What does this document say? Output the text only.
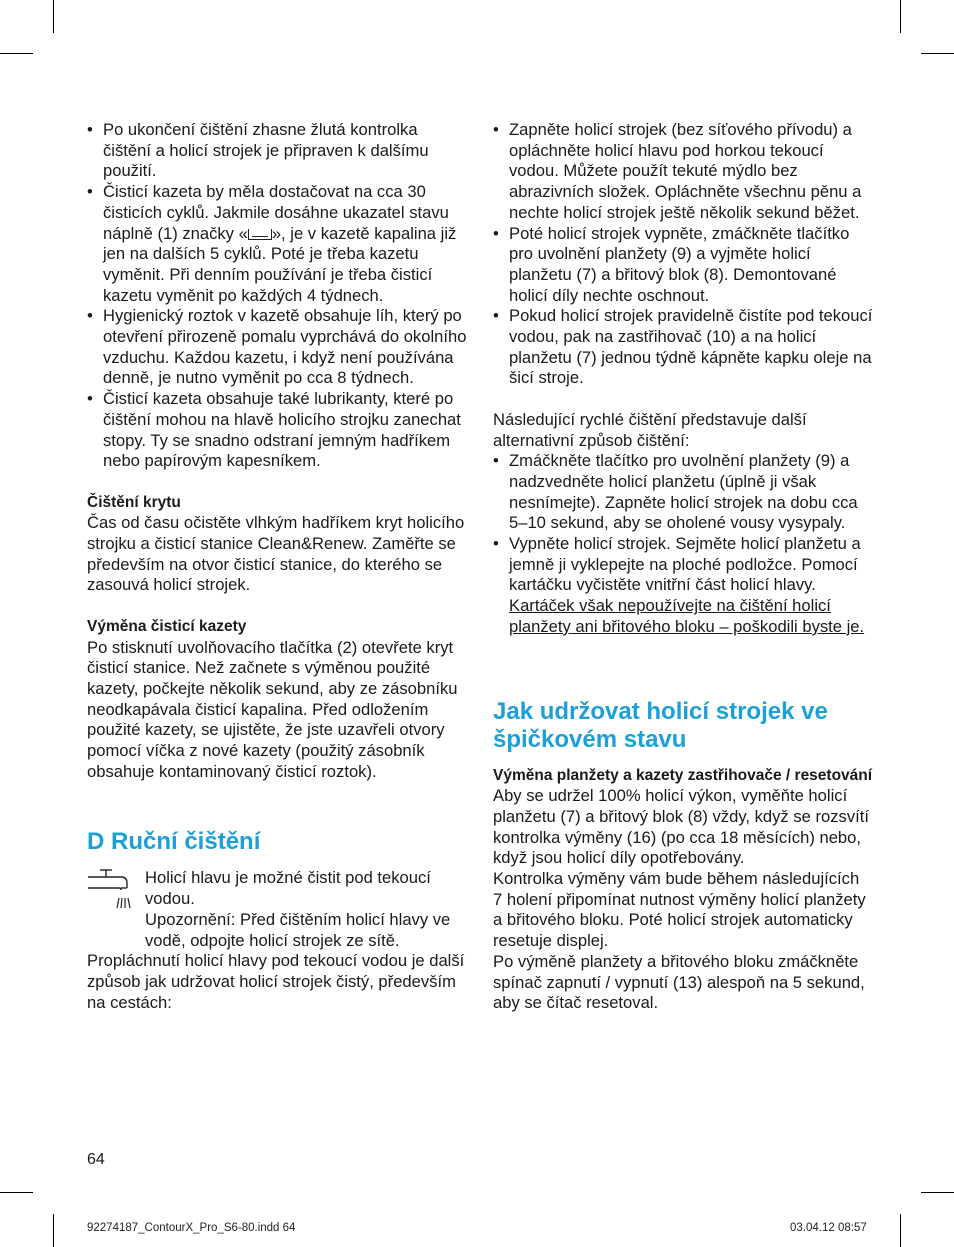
• Po ukončení čištění zhasne žlutá kontrolka čištění a holicí strojek je připraven k dalšímu použití.
• Čisticí kazeta by měla dostačovat na cca 30 čisticích cyklů. Jakmile dosáhne ukazatel stavu náplně (1) značky « », je v kazetě kapalina již jen na dalších 5 cyklů. Poté je třeba kazetu vyměnit. Při denním používání je třeba čisticí kazetu vyměnit po každých 4 týdnech.
• Hygienický roztok v kazetě obsahuje líh, který po otevření přirozeně pomalu vyprchává do okolního vzduchu. Každou kazetu, i když není používána denně, je nutno vyměnit po cca 8 týdnech.
• Čisticí kazeta obsahuje také lubrikanty, které po čištění mohou na hlavě holicího strojku zanechat stopy. Ty se snadno odstraní jemným hadříkem nebo papírovým kapesníkem.
Čištění krytu

Čas od času očistěte vlhkým hadříkem kryt holicího strojku a čisticí stanice Clean&Renew. Zaměřte se především na otvor čisticí stanice, do kterého se zasouvá holicí strojek.

Výměna čisticí kazety

Po stisknutí uvolňovacího tlačítka (2) otevřete kryt čisticí stanice. Než začnete s výměnou použité kazety, počkejte několik sekund, aby ze zásobníku neodkapávala čisticí kapalina. Před odložením použité kazety, se ujistěte, že jste uzavřeli otvory pomocí víčka z nové kazety (použitý zásobník obsahuje kontaminovaný čisticí roztok).

D Ruční čištění

Holicí hlavu je možné čistit pod tekoucí vodou.

Upozornění: Před čištěním holicí hlavy ve vodě, odpojte holicí strojek ze sítě.

Propláchnutí holicí hlavy pod tekoucí vodou je další způsob jak udržovat holicí strojek čistý, především na cestách:

• Zapněte holicí strojek (bez síťového přívodu) a opláchněte holicí hlavu pod horkou tekoucí vodou. Můžete použít tekuté mýdlo bez abrazivních složek. Opláchněte všechnu pěnu a nechte holicí strojek ještě několik sekund běžet.
• Poté holicí strojek vypněte, zmáčkněte tlačítko pro uvolnění planžety (9) a vyjměte holicí planžetu (7) a břitový blok (8). Demontované holicí díly nechte oschnout.
• Pokud holicí strojek pravidelně čistíte pod tekoucí vodou, pak na zastřihovač (10) a na holicí planžetu (7) jednou týdně kápněte kapku oleje na šicí stroje.

Následující rychlé čištění představuje další alternativní způsob čištění:

• Zmáčkněte tlačítko pro uvolnění planžety (9) a nadzvedněte holicí planžetu (úplně ji však nesnímejte). Zapněte holicí strojek na dobu cca 5–10 sekund, aby se oholené vousy vysypaly.
• Vypněte holicí strojek. Sejměte holicí planžetu a jemně ji vyklepejte na ploché podložce. Pomocí kartáčku vyčistěte vnitřní část holicí hlavy. Kartáček však nepoužívejte na čištění holicí planžety ani břitového bloku – poškodili byste je.
Jak udržovat holicí strojek ve špičkovém stavu
Výměna planžety a kazety zastřihovače / resetování

Aby se udržel 100% holicí výkon, vyměňte holicí planžetu (7) a břitový blok (8) vždy, když se rozsvítí kontrolka výměny (16) (po cca 18 měsících) nebo, když jsou holicí díly opotřebovány.

Kontrolka výměny vám bude během následujících 7 holení připomínat nutnost výměny holicí planžety a břitového bloku. Poté holicí strojek automaticky resetuje displej.

Po výměně planžety a břitového bloku zmáčkněte spínač zapnutí / vypnutí (13) alespoň na 5 sekund, aby se čítač resetoval.

64
92274187_ContourX_Pro_S6-80.indd 64	03.04.12 08:57
